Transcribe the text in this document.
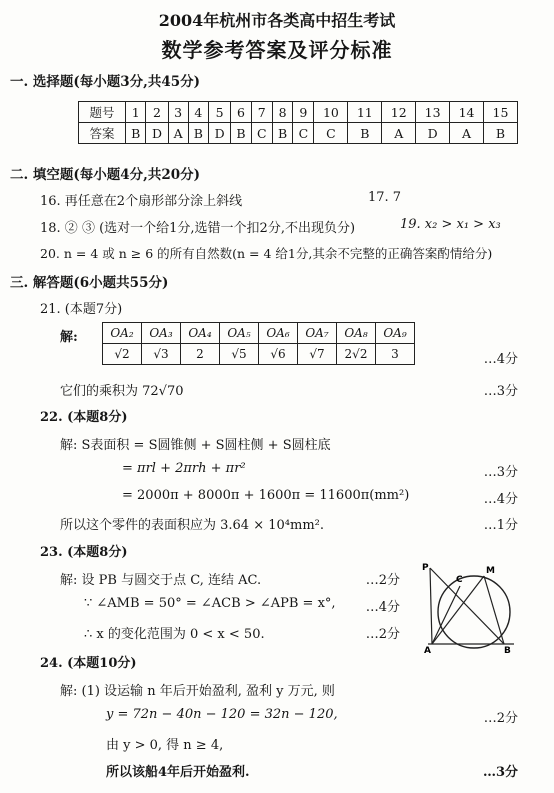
2004年杭州市各类高中招生考试
数学参考答案及评分标准
一. 选择题(每小题3分,共45分)
题号	1	2	3	4	5	6	7	8	9	10	11	12	13	14	15
答案	B	D	A	B	D	B	C	B	C	C	B	A	D	A	B
二. 填空题(每小题4分,共20分)
16. 再任意在2个扇形部分涂上斜线	17. 7
18. ② ③ (选对一个给1分,选错一个扣2分,不出现负分)	19. x₂ > x₁ > x₃
20. n = 4 或 n ≥ 6 的所有自然数(n = 4 给1分,其余不完整的正确答案酌情给分)
三. 解答题(6小题共55分)
21. (本题7分)
解:	OA₂	OA₃	OA₄	OA₅	OA₆	OA₇	OA₈	OA₉
√2	√3	2	√5	√6	√7	2√2	3	…4分
它们的乘积为 72√70	…3分
22. (本题8分)
解: S表面积 = S圆锥侧 + S圆柱侧 + S圆柱底
= πrl + 2πrh + πr²	…3分
= 2000π + 8000π + 1600π = 11600π(mm²)	…4分
所以这个零件的表面积应为 3.64 × 10⁴mm².	…1分
23. (本题8分)
解: 设 PB 与圆交于点 C, 连结 AC.	…2分
∵ ∠AMB = 50° = ∠ACB > ∠APB = x°,	…4分
∴ x 的变化范围为 0 < x < 50.	…2分
P
C
M
A	B
24. (本题10分)
解: (1) 设运输 n 年后开始盈利, 盈利 y 万元, 则
y = 72n − 40n − 120 = 32n − 120,	…2分
由 y > 0, 得 n ≥ 4,
所以该船4年后开始盈利.	…3分
